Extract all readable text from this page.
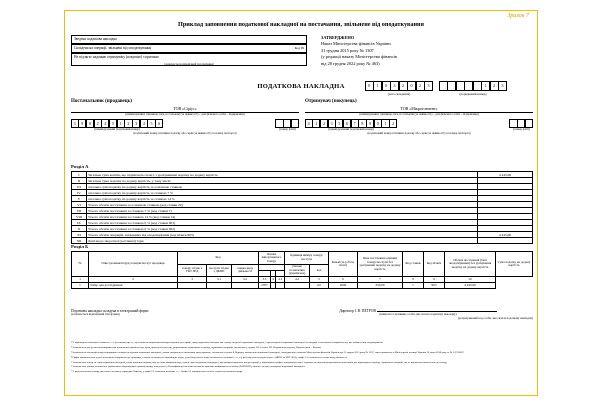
Зразок 7
Приклад заповнення податкової накладної на постачання, звільнене від оподаткування
Зведена податкова накладна
Складена на операції, звільнені від оподаткування	Код 09
Не підлягає наданню отримувачу (покупцю) з причини
(зазначається відповідний тип причини)
ЗАТВЕРДЖЕНО
Наказ Міністерства фінансів України
31 грудня 2015 року № 1307
(у редакції наказу Міністерства фінансів
від 28 грудня 2022 року № 463)
ПОДАТКОВА НАКЛАДНА	0	1	0	3	2	0	2	3
(дата складання)
1	2	3
(порядковий номер)
Постачальник (продавець)
ТОВ «Сіріус»
(найменування; прізвище, ім'я, по батькові (за наявності) – для фізичної особи – підприємця)
3	9	8	2	4	5	1	2	3	4	5	6
(індивідуальний податковий номер)	(номер філії)
(податковий номер платника податку або серія (за наявності) та номер паспорта)
Отримувач (покупець)
ТОВ «Мікроелемент»
(найменування; прізвище, ім'я, по батькові (за наявності) – для фізичної особи – підприємця)
4	1	2	3	5	6	7	8	9	0	1	2
(індивідуальний податковий номер)	(номер філії)
(податковий номер платника податку або серія (за наявності) та номер паспорта)
Розділ А
I	Загальна сума коштів, що підлягають сплаті, з урахуванням податку на додану вартість	4 245,00
II	Загальна сума податку на додану вартість, у тому числі:	
III	загальна сума податку на додану вартість за основною ставкою	
IV	загальна сума податку на додану вартість за ставкою 7 %	
V	загальна сума податку на додану вартість за ставкою 14 %	
VI	Усього обсяги постачання за основною ставкою (код ставки 20)	
VII	Усього обсяги постачання за ставкою 7 % (код ставки 7)	
VIII	Усього обсяги постачання за ставкою 14 % (код ставки 14)	
IX	Усього обсяги постачання за ставкою 0 % (код ставки 901)	
X	Усього обсяги постачання за ставкою 0 % (код ставки 902)	
XI	Усього обсяги операцій, звільнених від оподаткування (код пільги 903)	4 245,00
XII	Дані щодо зворотної (заставної) тари	
Розділ Б
№	Опис (номенклатура) товарів/послуг продавця	Код			Ознака імпортованого товару			Одиниця виміру товару/послуги		Кількість (об'єм, обсяг)	Ціна постачання одиниці товару/послуги без урахування податку на додану вартість	Код ставки	Код пільги	Обсяги постачання (база оподаткування) без урахування податку на додану вартість	Сума податку на додану вартість
		товару згідно з УКТ ЗЕД	послуги згідно з ДКПП	ознака виду діяльності				умовне позначення (українське)	код						

1	2	3	3.1	3.2	3.3	4	4.1	4.2	5	6	7	8	9	10	
1	Товар для дослідження				2707				шт	2009	250,00	1	903	4 245,00	
Податкова накладна складена в електронній формі
(зазначається відповідний тип форми)
Директор І. В. ПЕТРОВ
(ініціали та прізвище особи, яка склала податкову накладну)
(розрахунковий код особи, яка склала податкову накладну)

¹ У відповідних клітинках ставиться «×» (позначка) про те, що зазначена податкова накладна підлягає реєстрації, якщо податкова накладна має ознаку зведеної податкової накладної, і при складанні податкової накладної на операції з постачання товарів/послуг, що звільнені від оподаткування.

² Зазначається для уточнення/виправлення помилкової відомості про суми, проведені в реєстрі, розрахованих показників за період, отриманих операцій, зазначених у пункті 201.4 статті 201 Податкового кодексу України (далі – Кодекс).

³ Зазначається поточний номер порядкового номера на підставі податкової накладної, умови складання та показники типу причини, зазначеної в пункті 8 Порядку заповнення податкової накладної, затвердженого наказом Міністерства фінансів України від 31 грудня 2015 року № 1307, зареєстрованого в Міністерстві юстиції України 26 січня 2016 року за № 137/28267.

⁴ Графи заповнюються у разі постачання товарів/послуг продавця, а також за наявності відповідних кодів, у разі відсутності кодів зазначається позначка «×», а у разі відсутності кодів згідно з ДКПП та УКТ ЗЕД у графі 3.3 зазначається ознака виду діяльності.

⁵ Зазначається номер та серія податкової накладної, назва платника податку, код та назва товарів/послуг, номер і дата податкової накладної, які використовуються для реєстрації; у відповідних графах зазначаються дані, отримані на підставі розрахованих показників для відповідного періоду, отриманих операцій, які не підлягають включенню до складу.

⁶ Зазначається умовне позначення українського відповідника одиниці виміру, наведеного у Класифікаторі системи позначень одиниць вимірювання та обліку (КСПОВО), чинного на дату складання податкової накладної.

⁷ У разі постачання товару, ввезеного на митну територію України, у графі 3.2 ставиться позначка «×». Графа 3.2 заповнюється на всіх етапах постачання товару.
